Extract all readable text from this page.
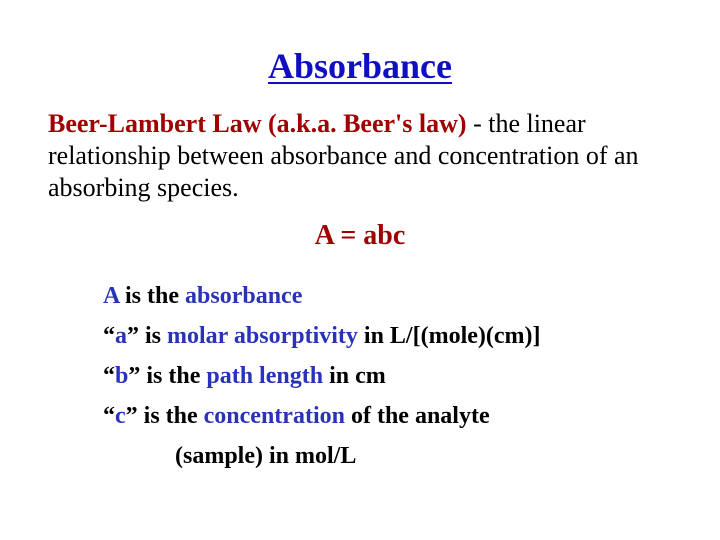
Absorbance
Beer-Lambert Law (a.k.a. Beer's law) - the linear relationship between absorbance and concentration of an absorbing species.
A = abc
A is the absorbance
“a” is molar absorptivity in L/[(mole)(cm)]
“b” is the path length in cm
“c” is the concentration of the analyte
(sample) in mol/L
